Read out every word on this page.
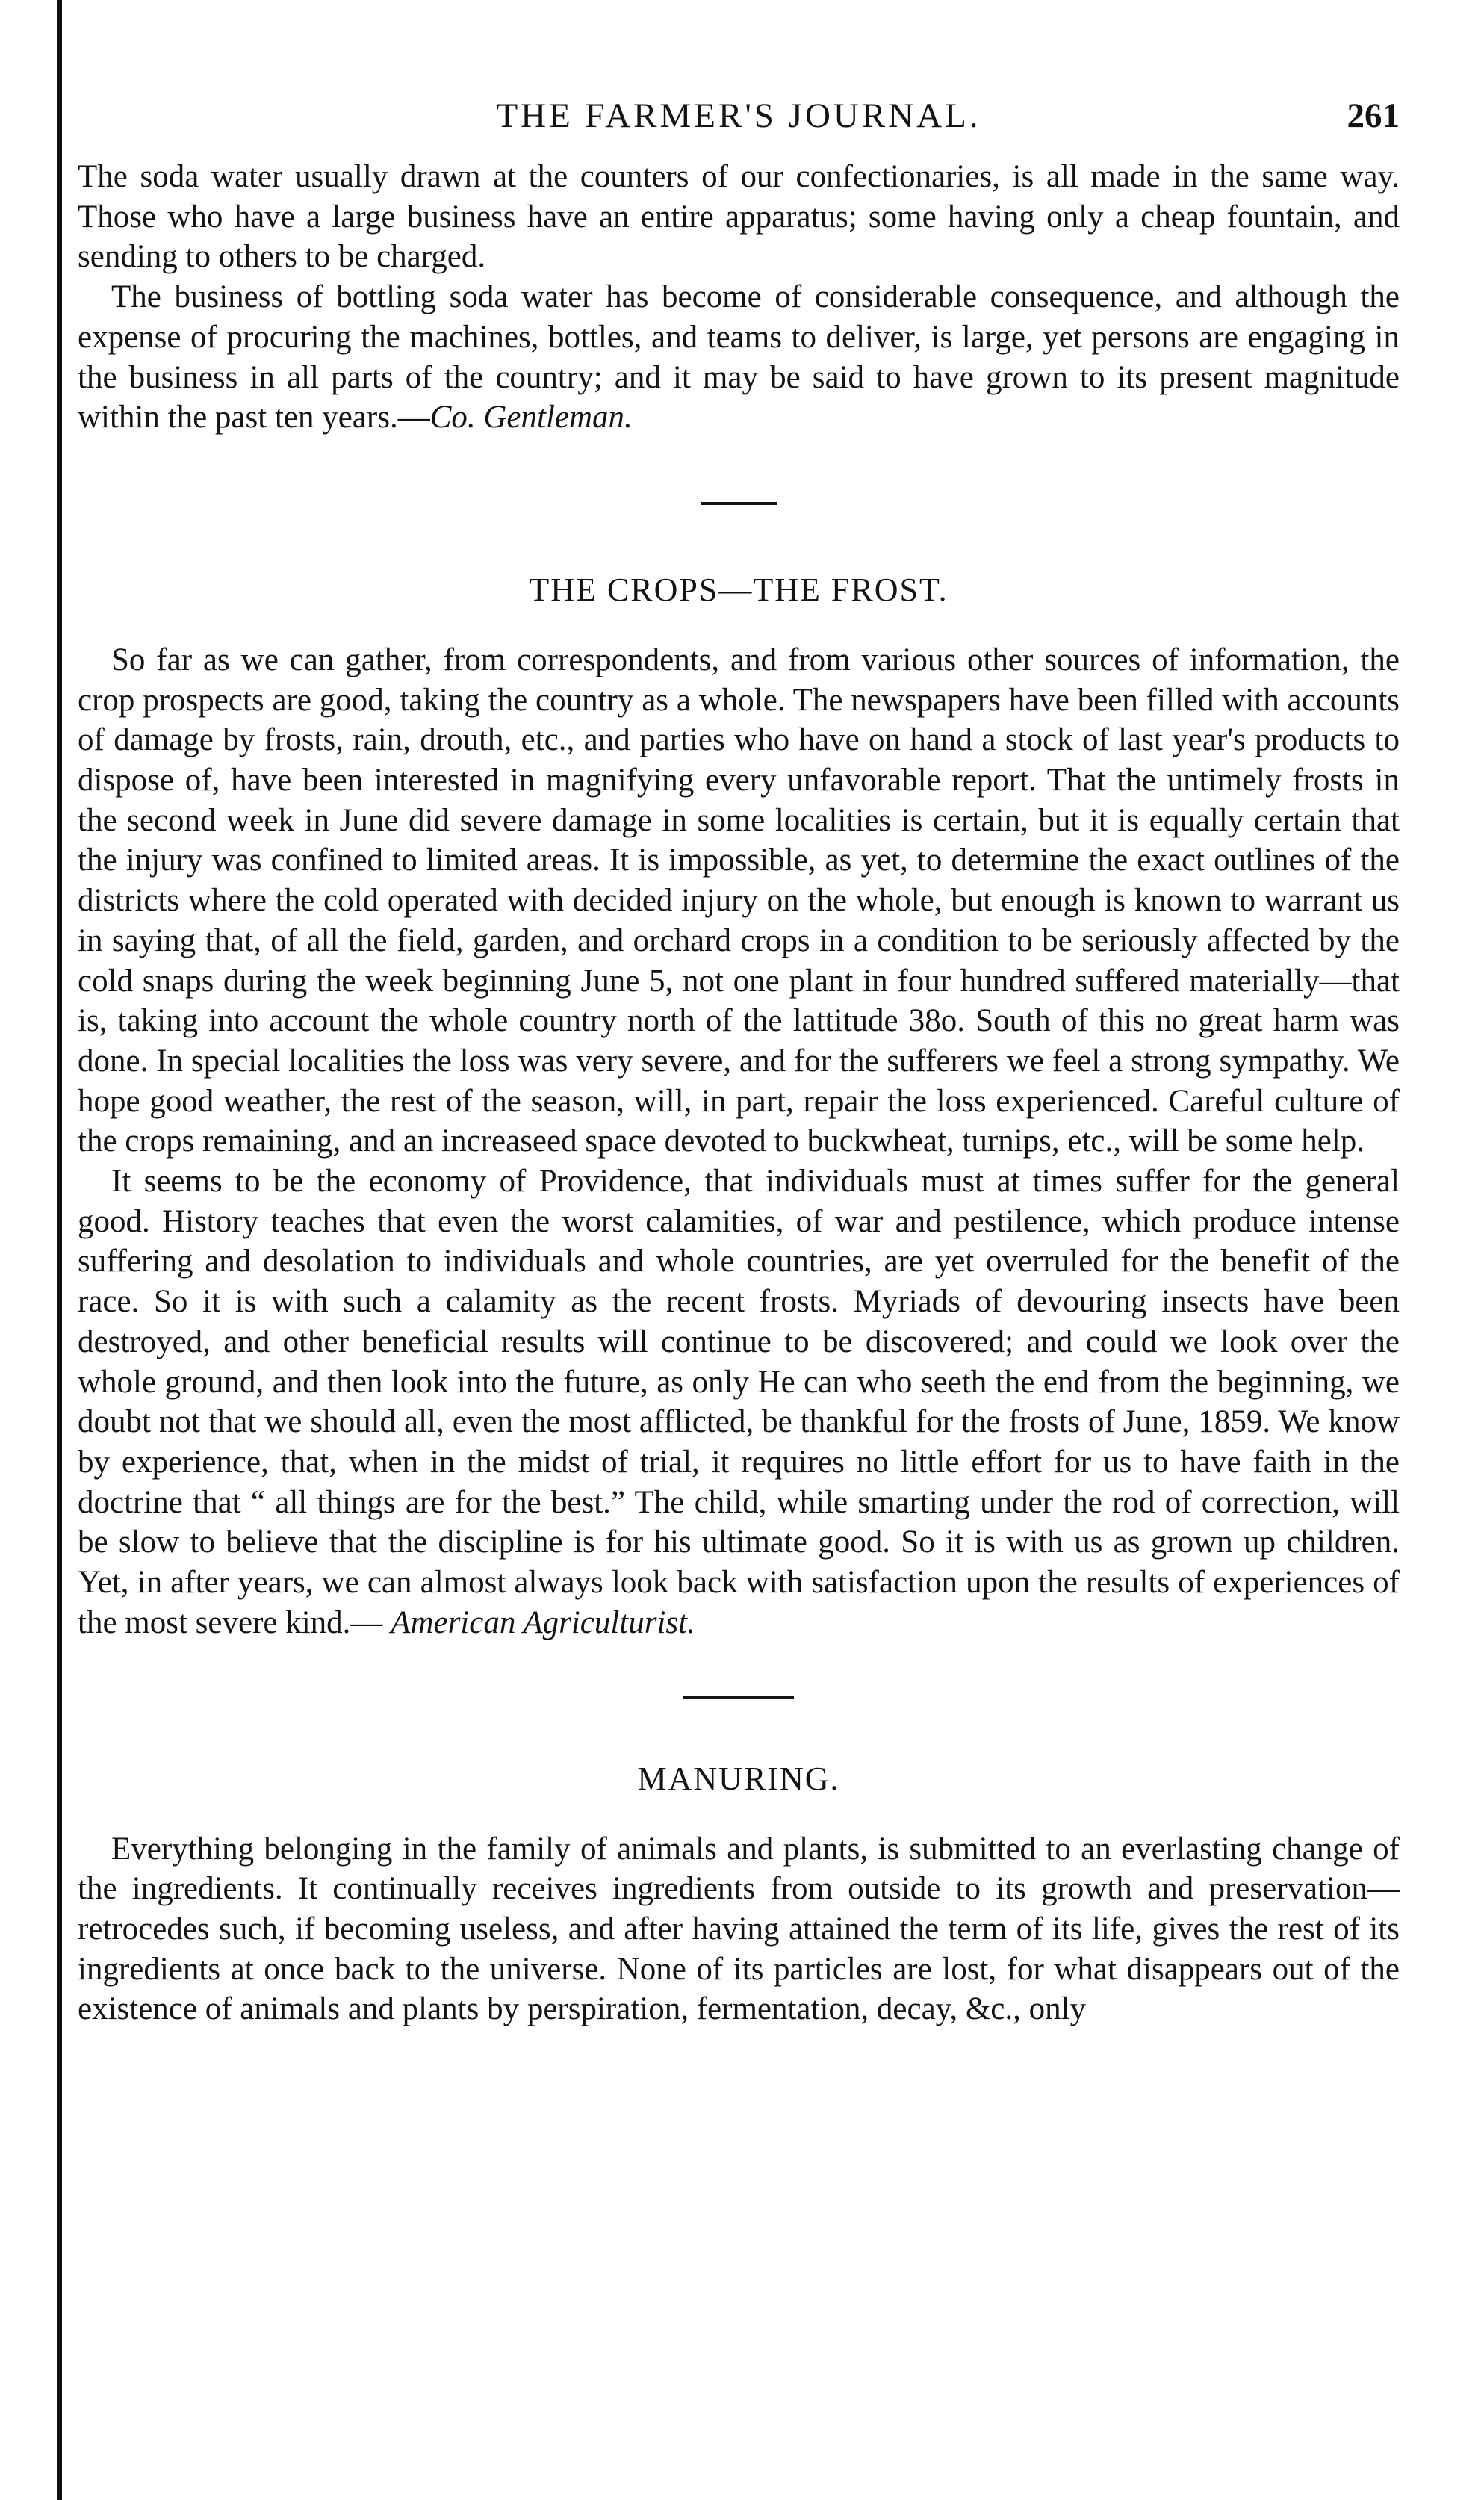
THE FARMER'S JOURNAL.	261

The soda water usually drawn at the counters of our confectionaries, is all made in the same way. Those who have a large business have an entire apparatus; some having only a cheap fountain, and sending to others to be charged.

The business of bottling soda water has become of considerable consequence, and although the expense of procuring the machines, bottles, and teams to deliver, is large, yet persons are engaging in the business in all parts of the country; and it may be said to have grown to its present magnitude within the past ten years.—Co. Gentleman.

THE CROPS—THE FROST.

So far as we can gather, from correspondents, and from various other sources of information, the crop prospects are good, taking the country as a whole. The newspapers have been filled with accounts of damage by frosts, rain, drouth, etc., and parties who have on hand a stock of last year's products to dispose of, have been interested in magnifying every unfavorable report. That the untimely frosts in the second week in June did severe damage in some localities is certain, but it is equally certain that the injury was confined to limited areas. It is impossible, as yet, to determine the exact outlines of the districts where the cold operated with decided injury on the whole, but enough is known to warrant us in saying that, of all the field, garden, and orchard crops in a condition to be seriously affected by the cold snaps during the week beginning June 5, not one plant in four hundred suffered materially—that is, taking into account the whole country north of the lattitude 38o. South of this no great harm was done. In special localities the loss was very severe, and for the sufferers we feel a strong sympathy. We hope good weather, the rest of the season, will, in part, repair the loss experienced. Careful culture of the crops remaining, and an increaseed space devoted to buckwheat, turnips, etc., will be some help.

It seems to be the economy of Providence, that individuals must at times suffer for the general good. History teaches that even the worst calamities, of war and pestilence, which produce intense suffering and desolation to individuals and whole countries, are yet overruled for the benefit of the race. So it is with such a calamity as the recent frosts. Myriads of devouring insects have been destroyed, and other beneficial results will continue to be discovered; and could we look over the whole ground, and then look into the future, as only He can who seeth the end from the beginning, we doubt not that we should all, even the most afflicted, be thankful for the frosts of June, 1859. We know by experience, that, when in the midst of trial, it requires no little effort for us to have faith in the doctrine that “ all things are for the best.” The child, while smarting under the rod of correction, will be slow to believe that the discipline is for his ultimate good. So it is with us as grown up children. Yet, in after years, we can almost always look back with satisfaction upon the results of experiences of the most severe kind.— American Agriculturist.

MANURING.

Everything belonging in the family of animals and plants, is submitted to an everlasting change of the ingredients. It continually receives ingredients from outside to its growth and preservation—retrocedes such, if becoming useless, and after having attained the term of its life, gives the rest of its ingredients at once back to the universe. None of its particles are lost, for what disappears out of the existence of animals and plants by perspiration, fermentation, decay, &c., only
